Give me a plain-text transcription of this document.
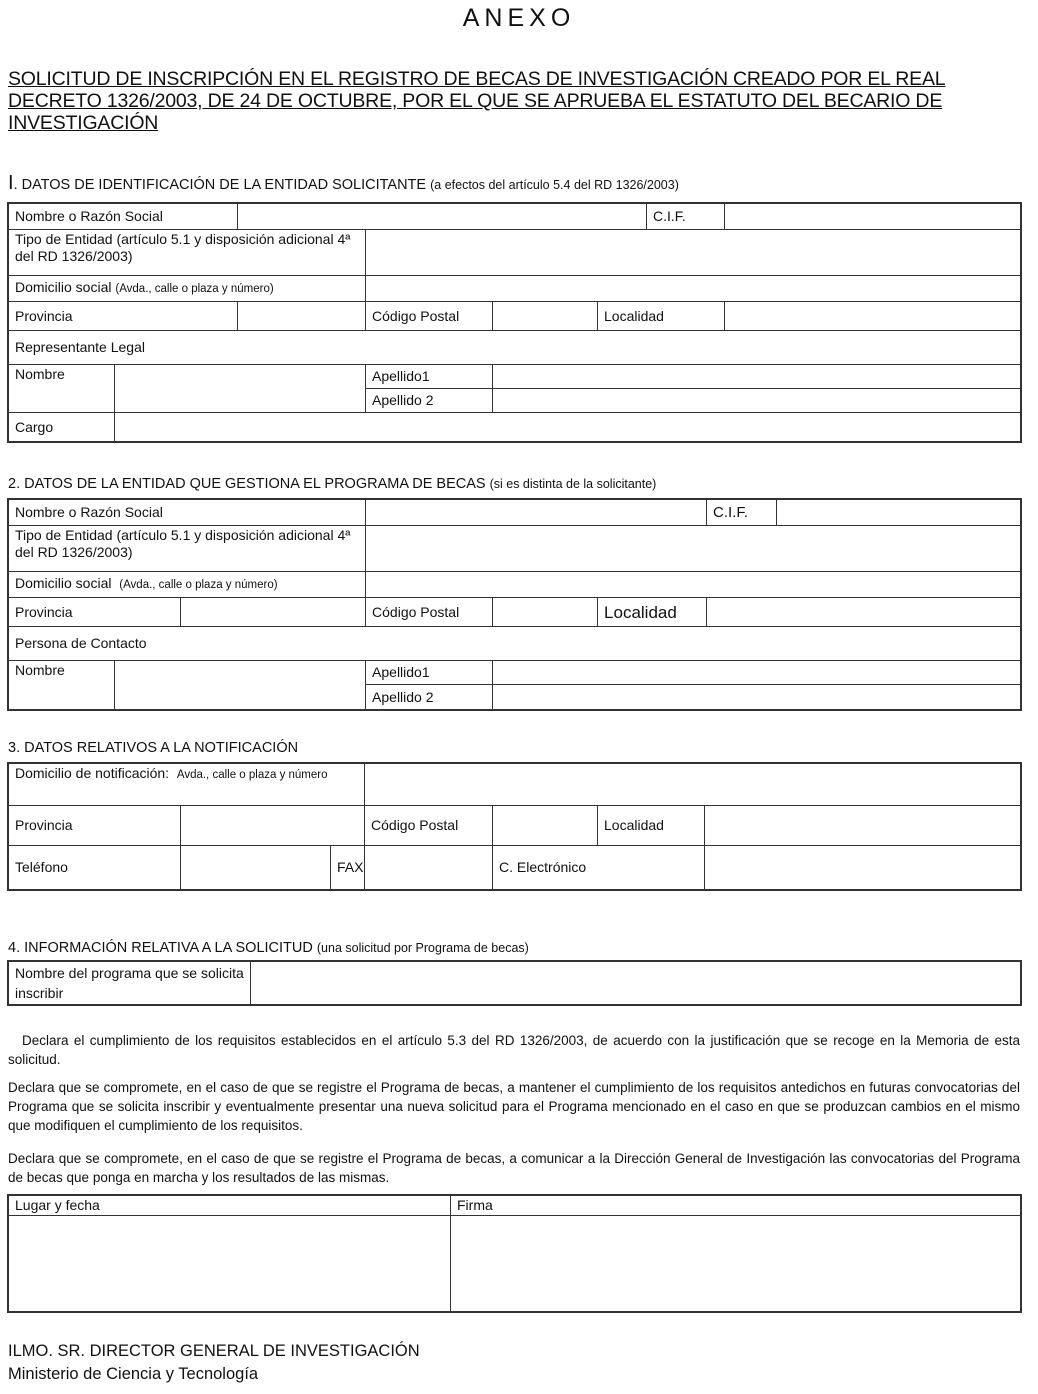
ANEXO
SOLICITUD DE INSCRIPCIÓN EN EL REGISTRO DE BECAS DE INVESTIGACIÓN CREADO POR EL REAL DECRETO 1326/2003, DE 24 DE OCTUBRE, POR EL QUE SE APRUEBA EL ESTATUTO DEL BECARIO DE INVESTIGACIÓN
I. DATOS DE IDENTIFICACIÓN DE LA ENTIDAD SOLICITANTE (a efectos del artículo 5.4 del RD 1326/2003)
Nombre o Razón Social						C.I.F.	
Tipo de Entidad (artículo 5.1 y disposición adicional 4ª del RD 1326/2003)							
Domicilio social (Avda., calle o plaza y número)							
Provincia			Código Postal		Localidad		
Representante Legal							
Nombre			Apellido1				
			Apellido 2				
Cargo							
2. DATOS DE LA ENTIDAD QUE GESTIONA EL PROGRAMA DE BECAS (si es distinta de la solicitante)
Nombre o Razón Social						C.I.F.	
Tipo de Entidad (artículo 5.1 y disposición adicional 4ª del RD 1326/2003)							
Domicilio social (Avda., calle o plaza y número)							
Provincia			Código Postal		Localidad		
Persona de Contacto							
Nombre			Apellido1				
			Apellido 2				
3. DATOS RELATIVOS A LA NOTIFICACIÓN
Domicilio de notificación: Avda., calle o plaza y número						
Provincia			Código Postal		Localidad	
Teléfono		FAX		C. Electrónico		
4. INFORMACIÓN RELATIVA A LA SOLICITUD (una solicitud por Programa de becas)
Nombre del programa que se solicita inscribir	
Declara el cumplimiento de los requisitos establecidos en el artículo 5.3 del RD 1326/2003, de acuerdo con la justificación que se recoge en la Memoria de esta solicitud.
Declara que se compromete, en el caso de que se registre el Programa de becas, a mantener el cumplimiento de los requisitos antedichos en futuras convocatorias del Programa que se solicita inscribir y eventualmente presentar una nueva solicitud para el Programa mencionado en el caso en que se produzcan cambios en el mismo que modifiquen el cumplimiento de los requisitos.
Declara que se compromete, en el caso de que se registre el Programa de becas, a comunicar a la Dirección General de Investigación las convocatorias del Programa de becas que ponga en marcha y los resultados de las mismas.
Lugar y fecha	Firma

ILMO. SR. DIRECTOR GENERAL DE INVESTIGACIÓN
Ministerio de Ciencia y Tecnología
